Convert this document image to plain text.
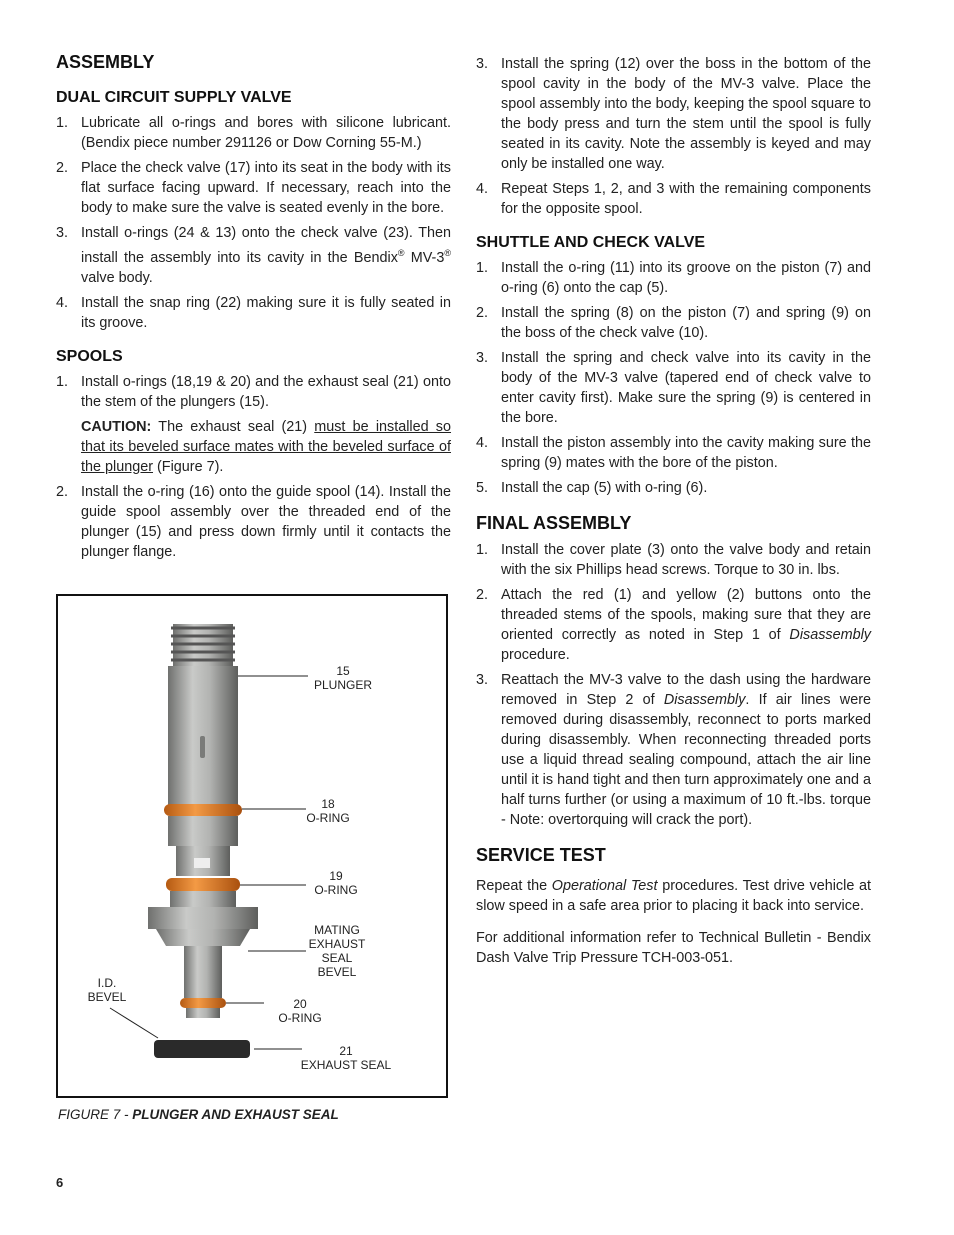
ASSEMBLY
DUAL CIRCUIT SUPPLY VALVE
1. Lubricate all o-rings and bores with silicone lubricant. (Bendix piece number 291126 or Dow Corning 55-M.)
2. Place the check valve (17) into its seat in the body with its flat surface facing upward. If necessary, reach into the body to make sure the valve is seated evenly in the bore.
3. Install o-rings (24 & 13) onto the check valve (23). Then install the assembly into its cavity in the Bendix® MV-3® valve body.
4. Install the snap ring (22) making sure it is fully seated in its groove.
SPOOLS
1. Install o-rings (18,19 & 20) and the exhaust seal (21) onto the stem of the plungers (15).

CAUTION: The exhaust seal (21) must be installed so that its beveled surface mates with the beveled surface of the plunger (Figure 7).

2. Install the o-ring (16) onto the guide spool (14). Install the guide spool assembly over the threaded end of the plunger (15) and press down firmly until it contacts the plunger flange.
15
PLUNGER
18
O-RING
19
O-RING
MATING
EXHAUST
SEAL
BEVEL
I.D.
BEVEL	20
O-RING
21
EXHAUST SEAL
FIGURE 7 - PLUNGER AND EXHAUST SEAL
3. Install the spring (12) over the boss in the bottom of the spool cavity in the body of the MV-3 valve. Place the spool assembly into the body, keeping the spool square to the body press and turn the stem until the spool is fully seated in its cavity. Note the assembly is keyed and may only be installed one way.
4. Repeat Steps 1, 2, and 3 with the remaining components for the opposite spool.
SHUTTLE AND CHECK VALVE
1. Install the o-ring (11) into its groove on the piston (7) and o-ring (6) onto the cap (5).
2. Install the spring (8) on the piston (7) and spring (9) on the boss of the check valve (10).
3. Install the spring and check valve into its cavity in the body of the MV-3 valve (tapered end of check valve to enter cavity first). Make sure the spring (9) is centered in the bore.
4. Install the piston assembly into the cavity making sure the spring (9) mates with the bore of the piston.
5. Install the cap (5) with o-ring (6).
FINAL ASSEMBLY
1. Install the cover plate (3) onto the valve body and retain with the six Phillips head screws. Torque to 30 in. lbs.
2. Attach the red (1) and yellow (2) buttons onto the threaded stems of the spools, making sure that they are oriented correctly as noted in Step 1 of Disassembly procedure.
3. Reattach the MV-3 valve to the dash using the hardware removed in Step 2 of Disassembly. If air lines were removed during disassembly, reconnect to ports marked during disassembly. When reconnecting threaded ports use a liquid thread sealing compound, attach the air line until it is hand tight and then turn approximately one and a half turns further (or using a maximum of 10 ft.-lbs. torque - Note: overtorquing will crack the port).
SERVICE TEST

Repeat the Operational Test procedures. Test drive vehicle at slow speed in a safe area prior to placing it back into service.

For additional information refer to Technical Bulletin - Bendix Dash Valve Trip Pressure TCH-003-051.

6
